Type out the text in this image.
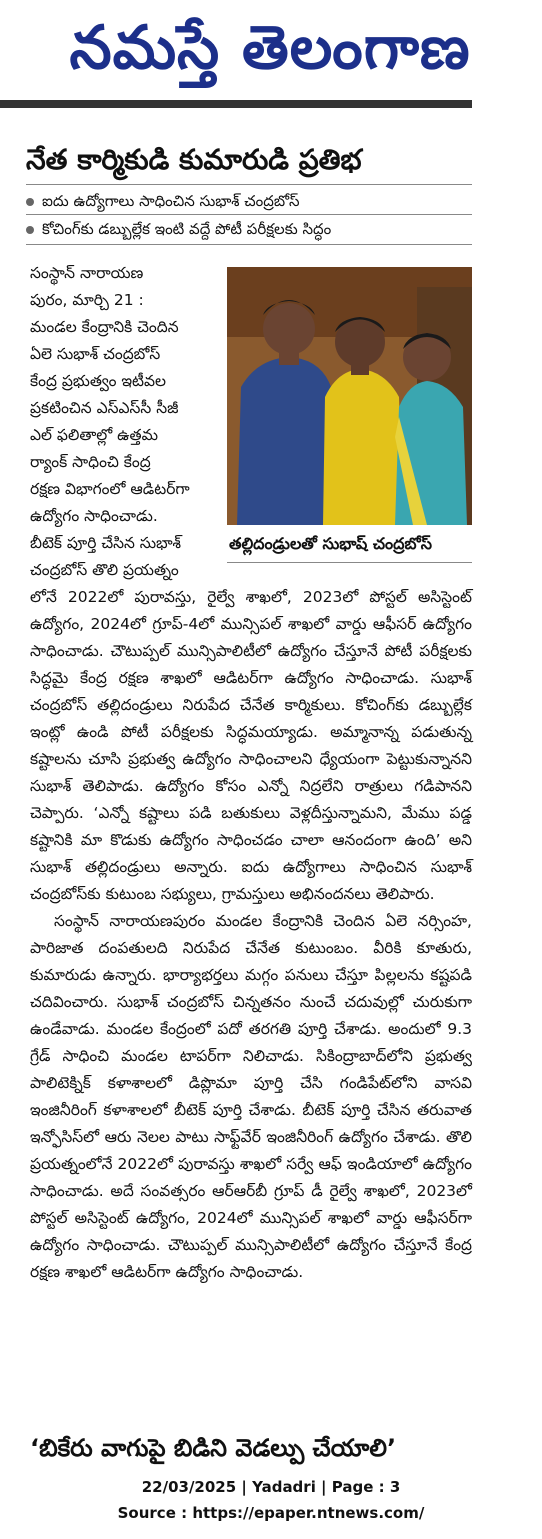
నమస్తే తెలంగాణ
నేత కార్మికుడి కుమారుడి ప్రతిభ
ఐదు ఉద్యోగాలు సాధించిన సుభాశ్ చంద్రబోస్
కోచింగ్‌కు డబ్బుల్లేక ఇంటి వద్దే పోటీ పరీక్షలకు సిద్ధం
తల్లిదండ్రులతో సుభాష్ చంద్రబోస్
సంస్థాన్ నారాయణ
పురం, మార్చి 21 :
మండల కేంద్రానికి చెందిన
ఏలె సుభాశ్ చంద్రబోస్
కేంద్ర ప్రభుత్వం ఇటీవల
ప్రకటించిన ఎస్ఎస్‌సీ సీజీ
ఎల్ ఫలితాల్లో ఉత్తమ
ర్యాంక్ సాధించి కేంద్ర
రక్షణ విభాగంలో ఆడిటర్‌గా
ఉద్యోగం సాధించాడు.
బీటెక్ పూర్తి చేసిన సుభాశ్
చంద్రబోస్ తొలి ప్రయత్నం

లోనే 2022లో పురావస్తు, రైల్వే శాఖలో, 2023లో పోస్టల్ అసిస్టెంట్ ఉద్యోగం, 2024లో గ్రూప్-4లో మున్సిపల్ శాఖలో వార్డు ఆఫీసర్ ఉద్యోగం సాధించాడు. చౌటుప్పల్ మున్సిపాలిటీలో ఉద్యోగం చేస్తూనే పోటీ పరీక్షలకు సిద్ధమై కేంద్ర రక్షణ శాఖలో ఆడిటర్‌గా ఉద్యోగం సాధించాడు. సుభాశ్ చంద్రబోస్ తల్లిదండ్రులు నిరుపేద చేనేత కార్మికులు. కోచింగ్‌కు డబ్బుల్లేక ఇంట్లో ఉండి పోటీ పరీక్షలకు సిద్ధమయ్యాడు. అమ్మానాన్న పడుతున్న కష్టాలను చూసి ప్రభుత్వ ఉద్యోగం సాధించాలని ధ్యేయంగా పెట్టుకున్నానని సుభాశ్ తెలిపాడు. ఉద్యోగం కోసం ఎన్నో నిద్రలేని రాత్రులు గడిపానని చెప్పారు. ‘ఎన్నో కష్టాలు పడి బతుకులు వెళ్లదీస్తున్నామని, మేము పడ్డ కష్టానికి మా కొడుకు ఉద్యోగం సాధించడం చాలా ఆనందంగా ఉంది’ అని సుభాశ్ తల్లిదండ్రులు అన్నారు. ఐదు ఉద్యోగాలు సాధించిన సుభాశ్ చంద్రబోస్‌కు కుటుంబ సభ్యులు, గ్రామస్తులు అభినందనలు తెలిపారు.

సంస్థాన్ నారాయణపురం మండల కేంద్రానికి చెందిన ఏలె నర్సింహ, పారిజాత దంపతులది నిరుపేద చేనేత కుటుంబం. వీరికి కూతురు, కుమారుడు ఉన్నారు. భార్యాభర్తలు మగ్గం పనులు చేస్తూ పిల్లలను కష్టపడి చదివించారు. సుభాశ్ చంద్రబోస్ చిన్నతనం నుంచే చదువుల్లో చురుకుగా ఉండేవాడు. మండల కేంద్రంలో పదో తరగతి పూర్తి చేశాడు. అందులో 9.3 గ్రేడ్ సాధించి మండల టాపర్‌గా నిలిచాడు. సికింద్రాబాద్‌లోని ప్రభుత్వ పాలిటెక్నిక్ కళాశాలలో డిప్లొమా పూర్తి చేసి గండిపేట్‌లోని వాసవి ఇంజినీరింగ్ కళాశాలలో బీటెక్ పూర్తి చేశాడు. బీటెక్ పూర్తి చేసిన తరువాత ఇన్ఫోసిస్‌లో ఆరు నెలల పాటు సాఫ్ట్‌వేర్ ఇంజినీరింగ్ ఉద్యోగం చేశాడు. తొలి ప్రయత్నంలోనే 2022లో పురావస్తు శాఖలో సర్వే ఆఫ్ ఇండియాలో ఉద్యోగం సాధించాడు. అదే సంవత్సరం ఆర్ఆర్‌బీ గ్రూప్ డీ రైల్వే శాఖలో, 2023లో పోస్టల్ అసిస్టెంట్ ఉద్యోగం, 2024లో మున్సిపల్ శాఖలో వార్డు ఆఫీసర్‌గా ఉద్యోగం సాధించాడు. చౌటుప్పల్ మున్సిపాలిటీలో ఉద్యోగం చేస్తూనే కేంద్ర రక్షణ శాఖలో ఆడిటర్‌గా ఉద్యోగం సాధించాడు.

‘బికేరు వాగుపై బిడిని వెడల్పు చేయాలి’
22/03/2025 | Yadadri | Page : 3
Source : https://epaper.ntnews.com/
